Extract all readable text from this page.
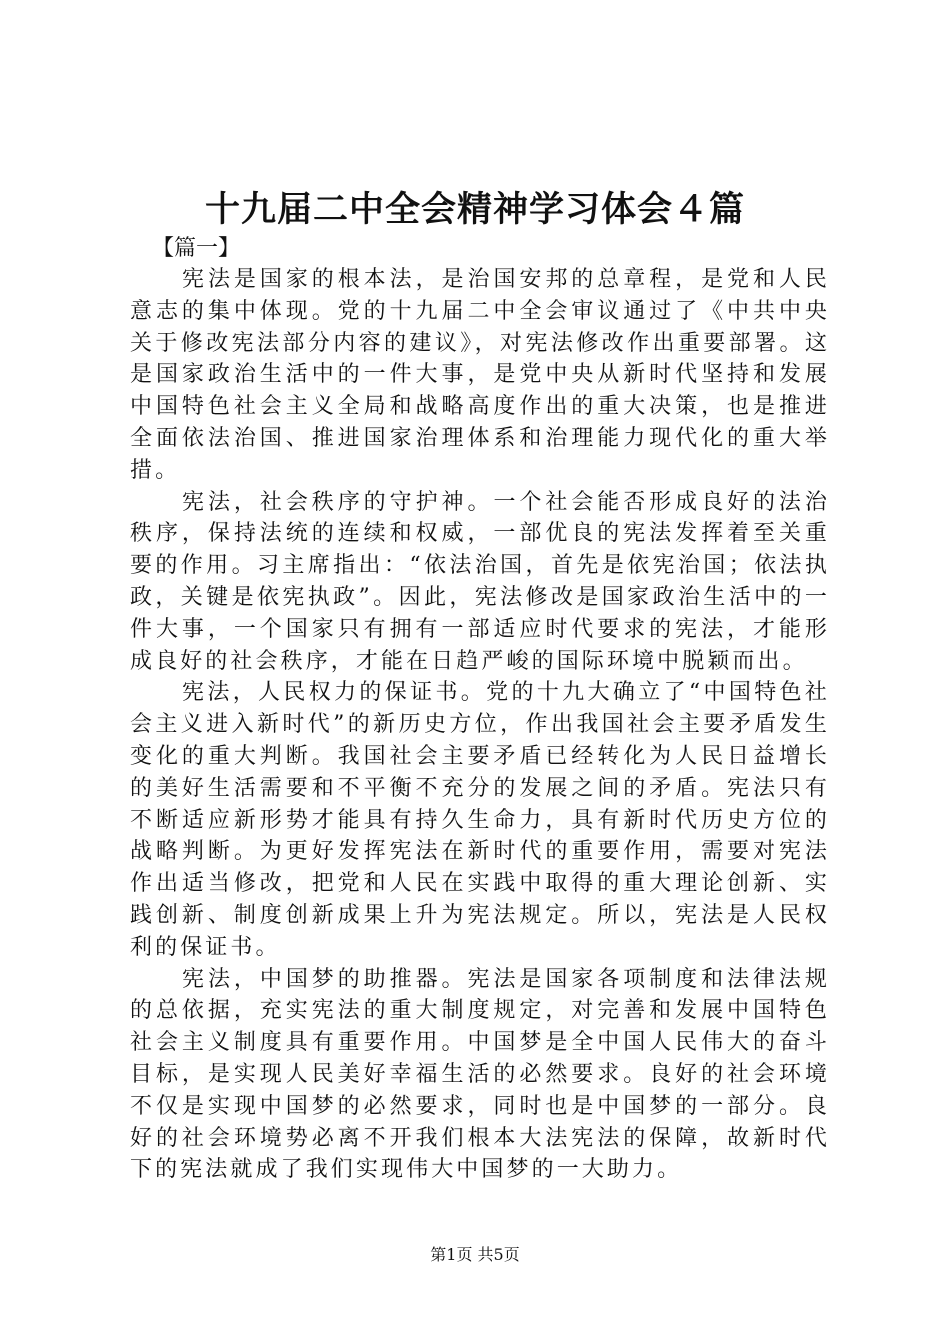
十九届二中全会精神学习体会４篇
【篇一】

宪法是国家的根本法，是治国安邦的总章程，是党和人民意志的集中体现。党的十九届二中全会审议通过了《中共中央关于修改宪法部分内容的建议》，对宪法修改作出重要部署。这是国家政治生活中的一件大事，是党中央从新时代坚持和发展中国特色社会主义全局和战略高度作出的重大决策，也是推进全面依法治国、推进国家治理体系和治理能力现代化的重大举措。

宪法，社会秩序的守护神。一个社会能否形成良好的法治秩序，保持法统的连续和权威，一部优良的宪法发挥着至关重要的作用。习主席指出：“依法治国，首先是依宪治国；依法执政，关键是依宪执政”。因此，宪法修改是国家政治生活中的一件大事，一个国家只有拥有一部适应时代要求的宪法，才能形成良好的社会秩序，才能在日趋严峻的国际环境中脱颖而出。

宪法，人民权力的保证书。党的十九大确立了“中国特色社会主义进入新时代”的新历史方位，作出我国社会主要矛盾发生变化的重大判断。我国社会主要矛盾已经转化为人民日益增长的美好生活需要和不平衡不充分的发展之间的矛盾。宪法只有不断适应新形势才能具有持久生命力，具有新时代历史方位的战略判断。为更好发挥宪法在新时代的重要作用，需要对宪法作出适当修改，把党和人民在实践中取得的重大理论创新、实践创新、制度创新成果上升为宪法规定。所以，宪法是人民权利的保证书。

宪法，中国梦的助推器。宪法是国家各项制度和法律法规的总依据，充实宪法的重大制度规定，对完善和发展中国特色社会主义制度具有重要作用。中国梦是全中国人民伟大的奋斗目标，是实现人民美好幸福生活的必然要求。良好的社会环境不仅是实现中国梦的必然要求，同时也是中国梦的一部分。良好的社会环境势必离不开我们根本大法宪法的保障，故新时代下的宪法就成了我们实现伟大中国梦的一大助力。

第1页 共5页
